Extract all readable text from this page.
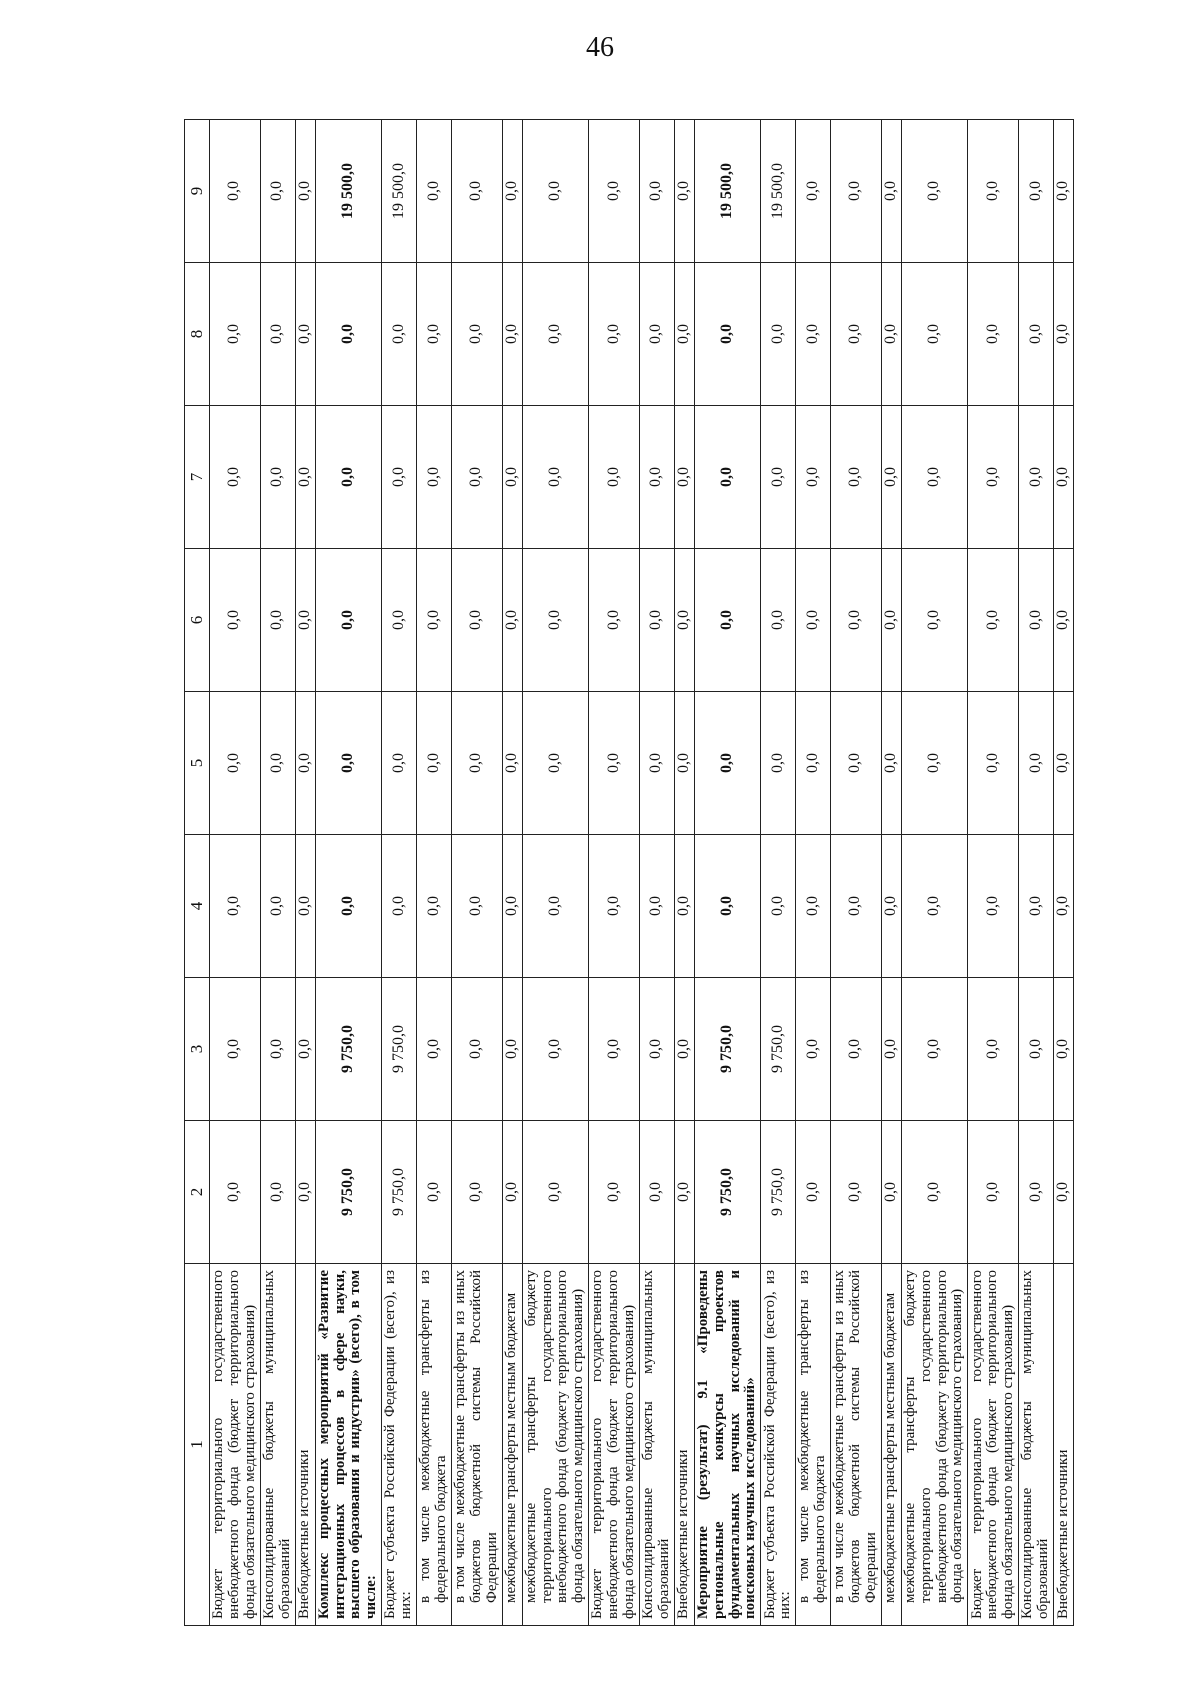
46
1	2	3	4	5	6	7	8	9
Бюджет территориального государственного внебюджетного фонда (бюджет территориального фонда обязательного медицинского страхования)	0,0	0,0	0,0	0,0	0,0	0,0	0,0	0,0
Консолидированные бюджеты муниципальных образований	0,0	0,0	0,0	0,0	0,0	0,0	0,0	0,0
Внебюджетные источники	0,0	0,0	0,0	0,0	0,0	0,0	0,0	0,0
Комплекс процессных мероприятий «Развитие интеграционных процессов в сфере науки, высшего образования и индустрии» (всего), в том числе:	9 750,0	9 750,0	0,0	0,0	0,0	0,0	0,0	19 500,0
Бюджет субъекта Российской Федерации (всего), из них:	9 750,0	9 750,0	0,0	0,0	0,0	0,0	0,0	19 500,0
в том числе межбюджетные трансферты из федерального бюджета	0,0	0,0	0,0	0,0	0,0	0,0	0,0	0,0
в том числе межбюджетные трансферты из иных бюджетов бюджетной системы Российской Федерации	0,0	0,0	0,0	0,0	0,0	0,0	0,0	0,0
межбюджетные трансферты местным бюджетам	0,0	0,0	0,0	0,0	0,0	0,0	0,0	0,0
межбюджетные трансферты бюджету территориального государственного внебюджетного фонда (бюджету территориального фонда обязательного медицинского страхования)	0,0	0,0	0,0	0,0	0,0	0,0	0,0	0,0
Бюджет территориального государственного внебюджетного фонда (бюджет территориального фонда обязательного медицинского страхования)	0,0	0,0	0,0	0,0	0,0	0,0	0,0	0,0
Консолидированные бюджеты муниципальных образований	0,0	0,0	0,0	0,0	0,0	0,0	0,0	0,0
Внебюджетные источники	0,0	0,0	0,0	0,0	0,0	0,0	0,0	0,0
Мероприятие (результат) 9.1 «Проведены региональные конкурсы проектов фундаментальных научных исследований и поисковых научных исследований»	9 750,0	9 750,0	0,0	0,0	0,0	0,0	0,0	19 500,0
Бюджет субъекта Российской Федерации (всего), из них:	9 750,0	9 750,0	0,0	0,0	0,0	0,0	0,0	19 500,0
в том числе межбюджетные трансферты из федерального бюджета	0,0	0,0	0,0	0,0	0,0	0,0	0,0	0,0
в том числе межбюджетные трансферты из иных бюджетов бюджетной системы Российской Федерации	0,0	0,0	0,0	0,0	0,0	0,0	0,0	0,0
межбюджетные трансферты местным бюджетам	0,0	0,0	0,0	0,0	0,0	0,0	0,0	0,0
межбюджетные трансферты бюджету территориального государственного внебюджетного фонда (бюджету территориального фонда обязательного медицинского страхования)	0,0	0,0	0,0	0,0	0,0	0,0	0,0	0,0
Бюджет территориального государственного внебюджетного фонда (бюджет территориального фонда обязательного медицинского страхования)	0,0	0,0	0,0	0,0	0,0	0,0	0,0	0,0
Консолидированные бюджеты муниципальных образований	0,0	0,0	0,0	0,0	0,0	0,0	0,0	0,0
Внебюджетные источники	0,0	0,0	0,0	0,0	0,0	0,0	0,0	0,0
